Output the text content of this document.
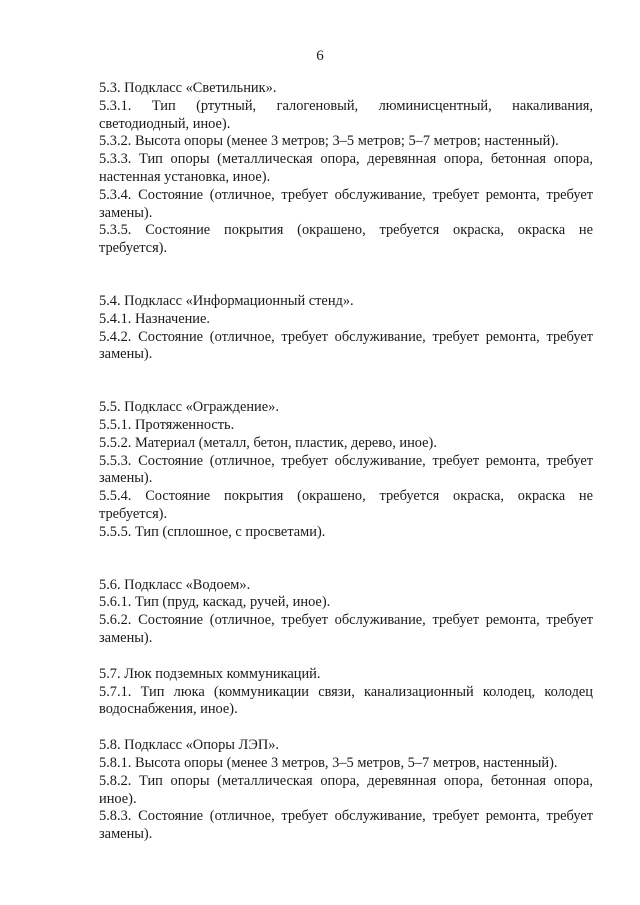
6

5.3. Подкласс «Светильник».

5.3.1. Тип (ртутный, галогеновый, люминисцентный, накаливания, светодиодный, иное).

5.3.2. Высота опоры (менее 3 метров; 3–5 метров; 5–7 метров; настенный).

5.3.3. Тип опоры (металлическая опора, деревянная опора, бетонная опора, настенная установка, иное).

5.3.4. Состояние (отличное, требует обслуживание, требует ремонта, требует замены).

5.3.5. Состояние покрытия (окрашено, требуется окраска, окраска не требуется).

5.4. Подкласс «Информационный стенд».

5.4.1. Назначение.

5.4.2. Состояние (отличное, требует обслуживание, требует ремонта, требует замены).

5.5. Подкласс «Ограждение».

5.5.1. Протяженность.

5.5.2. Материал (металл, бетон, пластик, дерево, иное).

5.5.3. Состояние (отличное, требует обслуживание, требует ремонта, требует замены).

5.5.4. Состояние покрытия (окрашено, требуется окраска, окраска не требуется).

5.5.5. Тип (сплошное, с просветами).

5.6. Подкласс «Водоем».

5.6.1. Тип (пруд, каскад, ручей, иное).

5.6.2. Состояние (отличное, требует обслуживание, требует ремонта, требует замены).

5.7. Люк подземных коммуникаций.

5.7.1. Тип люка (коммуникации связи, канализационный колодец, колодец водоснабжения, иное).

5.8. Подкласс «Опоры ЛЭП».

5.8.1. Высота опоры (менее 3 метров, 3–5 метров, 5–7 метров, настенный).

5.8.2. Тип опоры (металлическая опора, деревянная опора, бетонная опора, иное).

5.8.3. Состояние (отличное, требует обслуживание, требует ремонта, требует замены).
